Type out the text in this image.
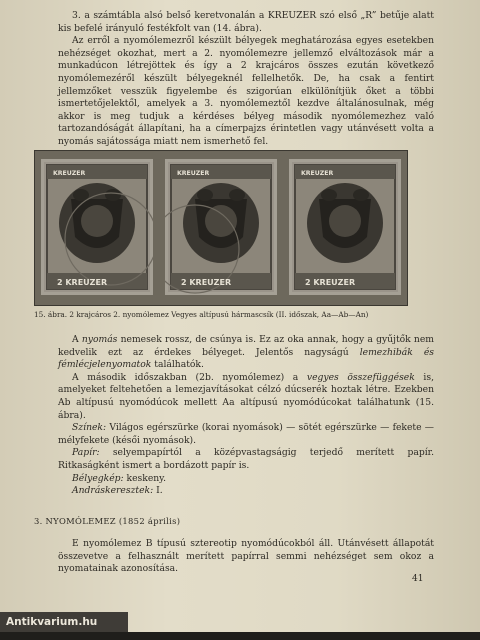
3. a számtábla alsó belső keretvonalán a KREUZER szó első „R” betűje alatt kis befelé irányuló festékfolt van (14. ábra).

Az erről a nyomólemezről készült bélyegek meghatározása egyes esetekben nehézséget okozhat, mert a 2. nyomólemezre jellemző elváltozások már a munkadúcon létrejöttek és így a 2 krajcáros összes ezután következő nyomólemezéről készült bélyegeknél fellelhetők. De, ha csak a fentirt jellemzőket vesszük figyelembe és szigorúan elkülönítjük őket a többi ismertetőjelektől, amelyek a 3. nyomólemeztől kezdve általánosulnak, még akkor is meg tudjuk a kérdéses bélyeg második nyomólemezhez való tartozandóságát állapítani, ha a címerpajzs érintetlen vagy utánvésett volta a nyomás sajátossága miatt nem ismerhető fel.

KREUZER
2 KREUZER
KREUZER
2 KREUZER
KREUZER
2 KREUZER
15. ábra. 2 krajcáros 2. nyomólemez Vegyes altípusú hármascsík (II. időszak, Aa—Ab—An)

A nyomás nemesek rossz, de csúnya is. Ez az oka annak, hogy a gyűjtők nem kedvelik ezt az érdekes bélyeget. Jelentős nagyságú lemezhibák és fémlécjelenyomatok találhatók.

A második időszakban (2b. nyomólemez) a vegyes összefüggések is, amelyeket feltehetően a lemezjavításokat célzó dúcserék hoztak létre. Ezekben Ab altípusú nyomódúcok mellett Aa altípusú nyomódúcokat találhatunk (15. ábra).

Színek: Világos egérszürke (korai nyomások) — sötét egérszürke — fekete — mélyfekete (késői nyomások).

Papír: selyempapírtól a középvastagságig terjedő merített papír. Ritkaságként ismert a bordázott papír is.

Bélyegkép: keskeny.

Andráskeresztek: I.

3. NYOMÓLEMEZ (1852 április)

E nyomólemez B típusú sztereotip nyomódúcokból áll. Utánvésett állapotát összevetve a felhasznált merített papírral semmi nehézséget sem okoz a nyomatainak azonosítása.

41
Antikvarium.hu
